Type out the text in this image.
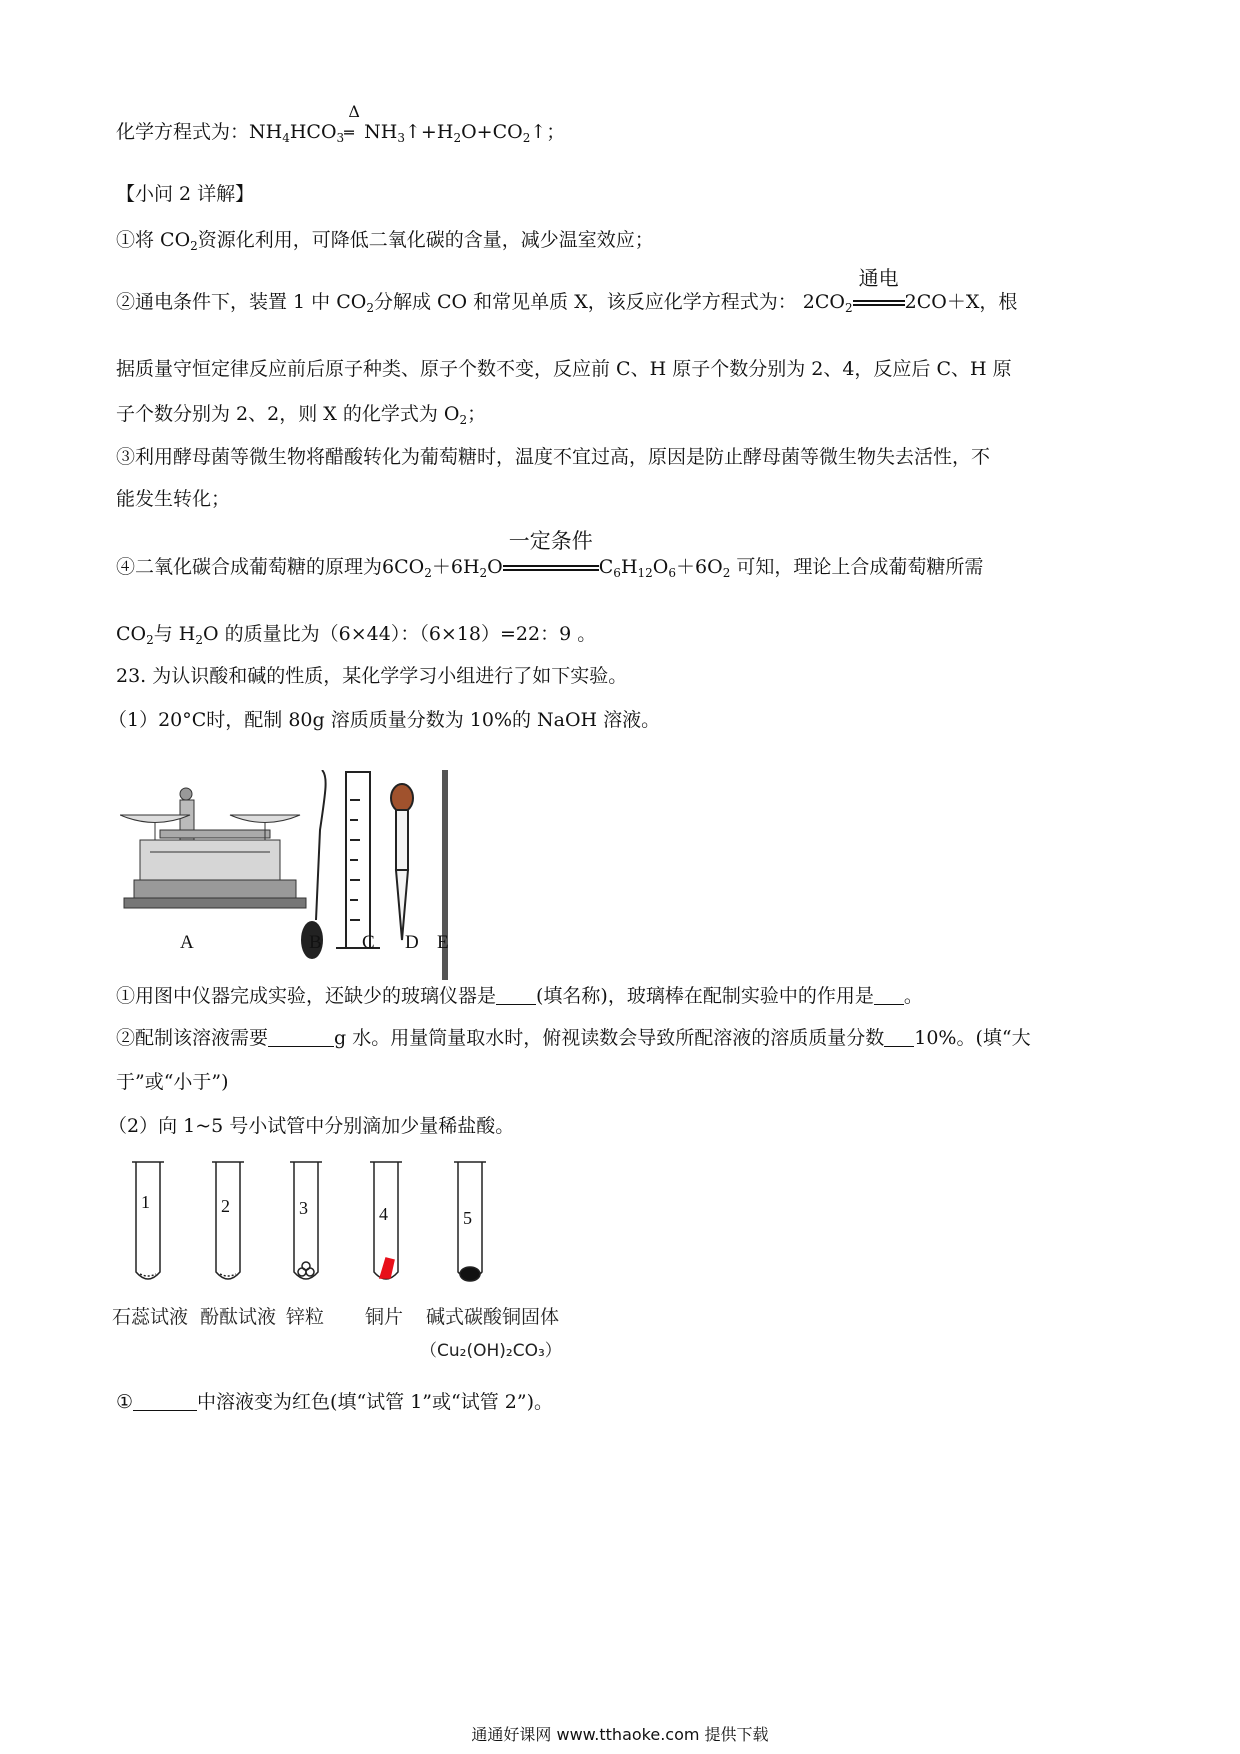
化学方程式为：$NH_4HCO_3$
Δ
═ $NH_3↑+H_2O+CO_2↑$；
【小问 2 详解】
①将 $CO_2$资源化利用，可降低二氧化碳的含量，减少温室效应；
②通电条件下，装置 1 中 $CO_2$分解成 CO 和常见单质 X，该反应化学方程式为： $2CO_2$
通电
2CO＋X，根
据质量守恒定律反应前后原子种类、原子个数不变，反应前 C、H 原子个数分别为 2、4，反应后 C、H 原
子个数分别为 2、2，则 X 的化学式为 $O_2$；
③利用酵母菌等微生物将醋酸转化为葡萄糖时，温度不宜过高，原因是防止酵母菌等微生物失去活性，不
能发生转化；
④二氧化碳合成葡萄糖的原理为$6CO_2+6H_2O$
一定条件
$C_6H_{12}O_6+6O_2$ 可知，理论上合成葡萄糖所需
$CO_2$与 $H_2O$ 的质量比为（6×44）：（6×18）=22：9 。
23. 为认识酸和碱的性质，某化学学习小组进行了如下实验。
（1）20°C时，配制 80g 溶质质量分数为 10%的 NaOH 溶液。
A	B C D E
①用图中仪器完成实验，还缺少的玻璃仪器是 (填名称)，玻璃棒在配制实验中的作用是 。
②配制该溶液需要	g 水。用量筒量取水时，俯视读数会导致所配溶液的溶质质量分数 10%。(填“大
于”或“小于”)
（2）向 1~5 号小试管中分别滴加少量稀盐酸。
1	2	3	4	5
石蕊试液 酚酞试液 锌粒 铜片 碱式碳酸铜固体
（Cu₂(OH)₂CO₃）
①	中溶液变为红色(填“试管 1”或“试管 2”)。
通通好课网 www.tthaoke.com 提供下载
